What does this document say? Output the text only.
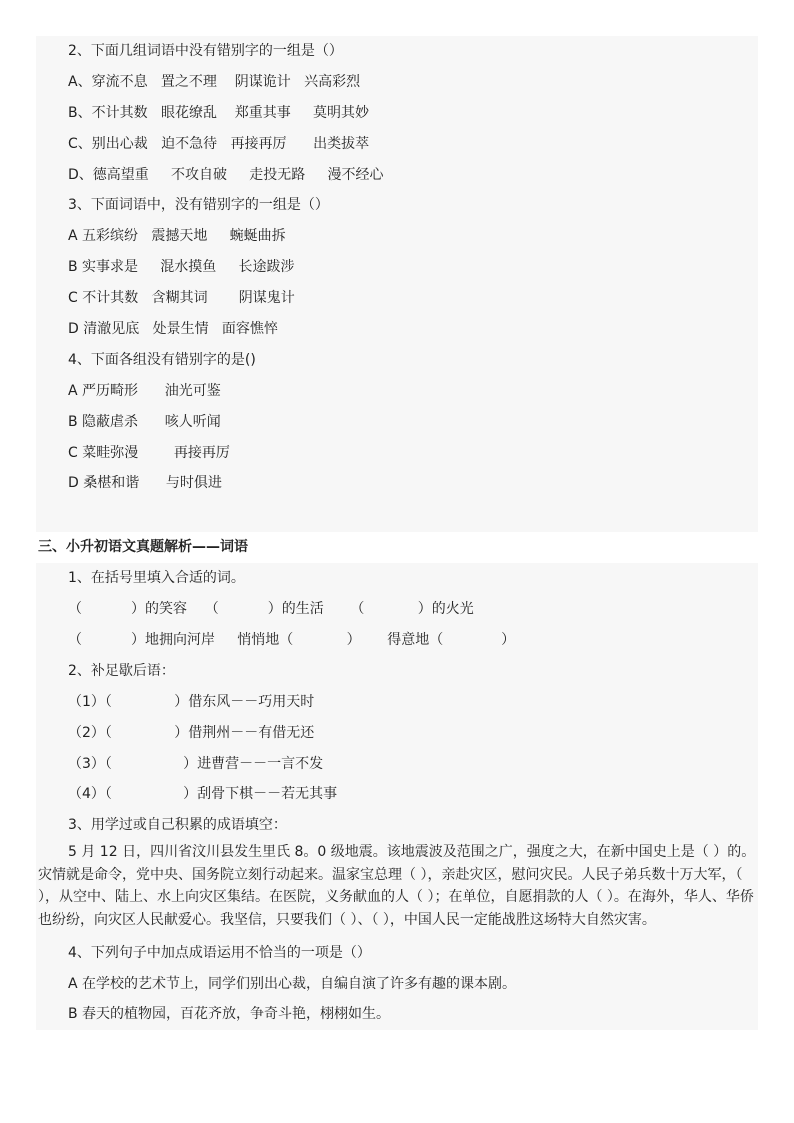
2、下面几组词语中没有错别字的一组是（）
A、穿流不息   置之不理    阴谋诡计   兴高彩烈
B、不计其数   眼花缭乱    郑重其事     莫明其妙
C、别出心裁   迫不急待   再接再厉      出类拔萃
D、德高望重     不攻自破     走投无路     漫不经心
3、下面词语中，没有错别字的一组是（）
A 五彩缤纷   震撼天地     蜿蜒曲拆
B 实事求是     混水摸鱼     长途跋涉
C 不计其数   含糊其词       阴谋鬼计
D 清澈见底   处景生情   面容憔悴
4、下面各组没有错别字的是()
A 严历畸形      油光可鉴
B 隐蔽虐杀      咳人听闻
C 菜畦弥漫        再接再厉
D 桑椹和谐      与时俱进
三、小升初语文真题解析——词语
1、在括号里填入合适的词。
（           ）的笑容    （           ）的生活      （            ）的火光
（           ）地拥向河岸     悄悄地（            ）      得意地（             ）
2、补足歇后语：
（1）（              ）借东风－－巧用天时
（2）（              ）借荆州－－有借无还
（3）（                ）进曹营－－一言不发
（4）（                ）刮骨下棋－－若无其事
3、用学过或自己积累的成语填空：
5 月 12 日，四川省汶川县发生里氏 8。0 级地震。该地震波及范围之广，强度之大，在新中国史上是（ ）的。灾情就是命令，党中央、国务院立刻行动起来。温家宝总理（ ），亲赴灾区，慰问灾民。人民子弟兵数十万大军，（ ），从空中、陆上、水上向灾区集结。在医院，义务献血的人（ ）；在单位，自愿捐款的人（ ）。在海外，华人、华侨也纷纷，向灾区人民献爱心。我坚信，只要我们（ ）、（ ），中国人民一定能战胜这场特大自然灾害。
4、下列句子中加点成语运用不恰当的一项是（）
A 在学校的艺术节上，同学们别出心裁，自编自演了许多有趣的课本剧。
B 春天的植物园，百花齐放，争奇斗艳，栩栩如生。
